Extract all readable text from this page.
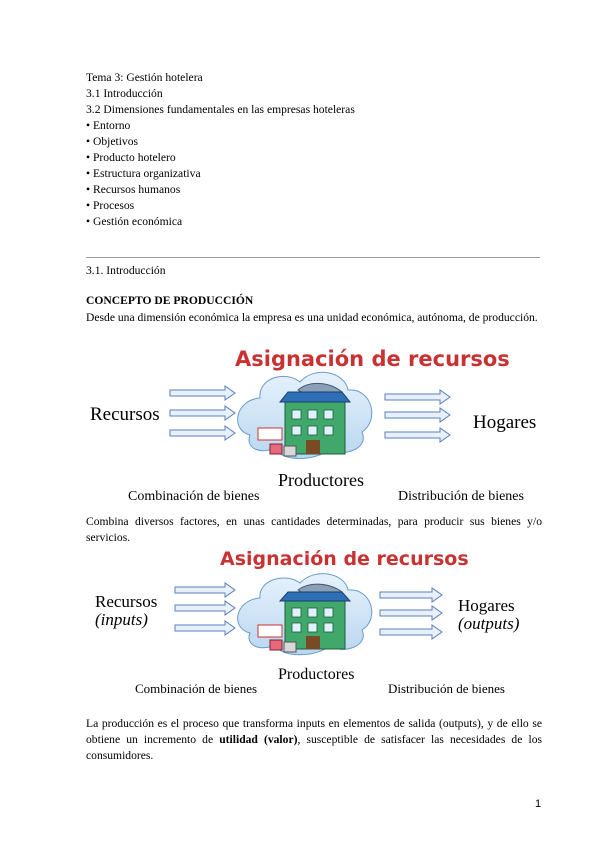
Tema 3: Gestión hotelera
3.1 Introducción
3.2 Dimensiones fundamentales en las empresas hoteleras
• Entorno
• Objetivos
• Producto hotelero
• Estructura organizativa
• Recursos humanos
• Procesos
• Gestión económica
3.1. Introducción
CONCEPTO DE PRODUCCIÓN
Desde una dimensión económica la empresa es una unidad económica, autónoma, de producción.
Asignación de recursos
Recursos	Hogares
Productores
Combinación de bienes	Distribución de bienes
Combina diversos factores, en unas cantidades determinadas, para producir sus bienes y/o servicios.
Asignación de recursos
Recursos
(inputs)
Hogares
(outputs)
Productores
Combinación de bienes	Distribución de bienes
La producción es el proceso que transforma inputs en elementos de salida (outputs), y de ello se obtiene un incremento de utilidad (valor), susceptible de satisfacer las necesidades de los consumidores.
1
